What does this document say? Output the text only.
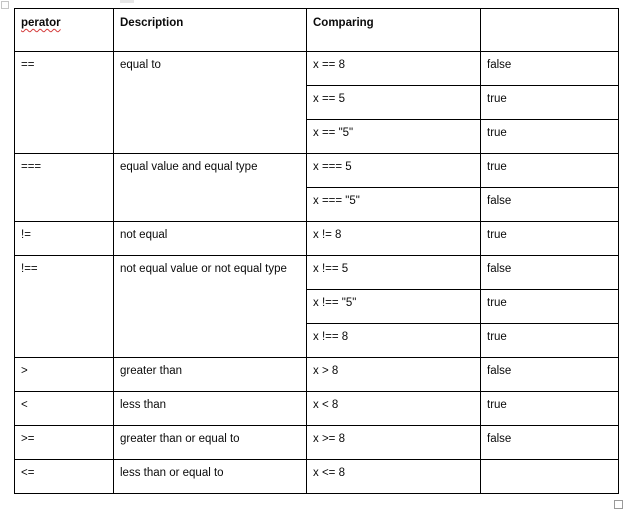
perator	Description	Comparing	
==	equal to	x == 8	false
		x == 5	true
		x == "5"	true
===	equal value and equal type	x === 5	true
		x === "5"	false
!=	not equal	x != 8	true
!==	not equal value or not equal type	x !== 5	false
		x !== "5"	true
		x !== 8	true
>	greater than	x > 8	false
<	less than	x < 8	true
>=	greater than or equal to	x >= 8	false
<=	less than or equal to	x <= 8	
